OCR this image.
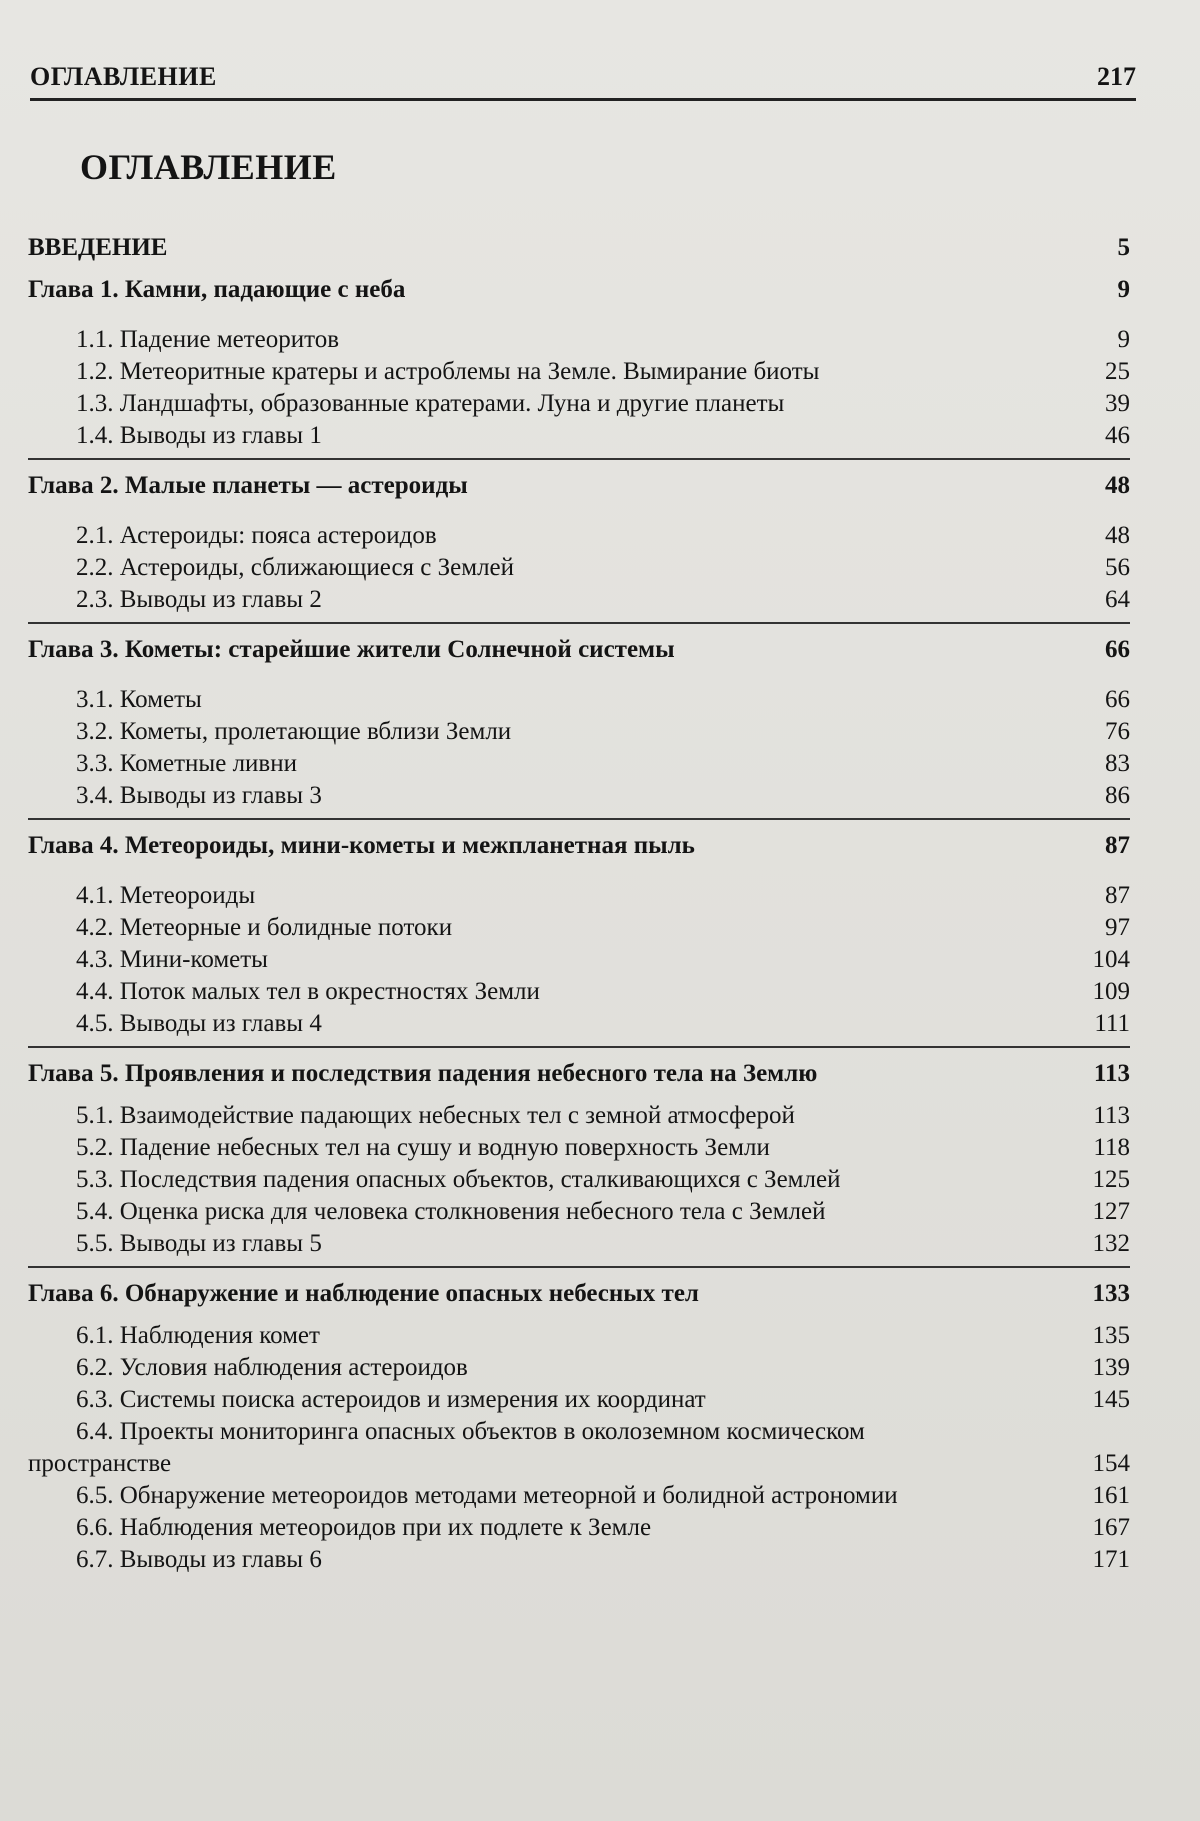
ОГЛАВЛЕНИЕ	217
ОГЛАВЛЕНИЕ
ВВЕДЕНИЕ	5
Глава 1. Камни, падающие с неба	9
1.1. Падение метеоритов	9
1.2. Метеоритные кратеры и астроблемы на Земле. Вымирание биоты	25
1.3. Ландшафты, образованные кратерами. Луна и другие планеты	39
1.4. Выводы из главы 1	46
Глава 2. Малые планеты — астероиды	48
2.1. Астероиды: пояса астероидов	48
2.2. Астероиды, сближающиеся с Землей	56
2.3. Выводы из главы 2	64
Глава 3. Кометы: старейшие жители Солнечной системы	66
3.1. Кометы	66
3.2. Кометы, пролетающие вблизи Земли	76
3.3. Кометные ливни	83
3.4. Выводы из главы 3	86
Глава 4. Метеороиды, мини-кометы и межпланетная пыль	87
4.1. Метеороиды	87
4.2. Метеорные и болидные потоки	97
4.3. Мини-кометы	104
4.4. Поток малых тел в окрестностях Земли	109
4.5. Выводы из главы 4	111
Глава 5. Проявления и последствия падения небесного тела на Землю	113
5.1. Взаимодействие падающих небесных тел с земной атмосферой	113
5.2. Падение небесных тел на сушу и водную поверхность Земли	118
5.3. Последствия падения опасных объектов, сталкивающихся с Землей	125
5.4. Оценка риска для человека столкновения небесного тела с Землей	127
5.5. Выводы из главы 5	132
Глава 6. Обнаружение и наблюдение опасных небесных тел	133
6.1. Наблюдения комет	135
6.2. Условия наблюдения астероидов	139
6.3. Системы поиска астероидов и измерения их координат	145
6.4. Проекты мониторинга опасных объектов в околоземном космическом
пространстве	154
6.5. Обнаружение метеороидов методами метеорной и болидной астрономии	161
6.6. Наблюдения метеороидов при их подлете к Земле	167
6.7. Выводы из главы 6	171
